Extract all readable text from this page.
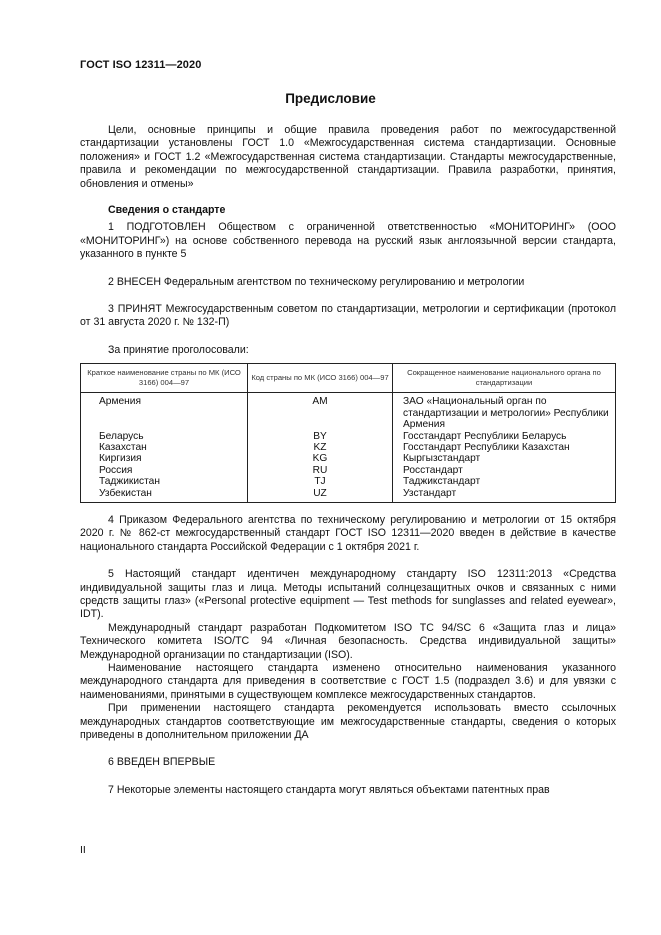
ГОСТ ISO 12311—2020
Предисловие

Цели, основные принципы и общие правила проведения работ по межгосударственной стандартизации установлены ГОСТ 1.0 «Межгосударственная система стандартизации. Основные положения» и ГОСТ 1.2 «Межгосударственная система стандартизации. Стандарты межгосударственные, правила и рекомендации по межгосударственной стандартизации. Правила разработки, принятия, обновления и отмены»

Сведения о стандарте

1 ПОДГОТОВЛЕН Обществом с ограниченной ответственностью «МОНИТОРИНГ» (ООО «МОНИТОРИНГ») на основе собственного перевода на русский язык англоязычной версии стандарта, указанного в пункте 5

2 ВНЕСЕН Федеральным агентством по техническому регулированию и метрологии

3 ПРИНЯТ Межгосударственным советом по стандартизации, метрологии и сертификации (протокол от 31 августа 2020 г. № 132-П)

За принятие проголосовали:

Краткое наименование страны по МК (ИСО 3166) 004—97	Код страны по МК (ИСО 3166) 004—97	Сокращенное наименование национального органа по стандартизации
Армения	AM	ЗАО «Национальный орган по стандартизации и метрологии» Республики Армения
Беларусь	BY	Госстандарт Республики Беларусь
Казахстан	KZ	Госстандарт Республики Казахстан
Киргизия	KG	Кыргызстандарт
Россия	RU	Росстандарт
Таджикистан	TJ	Таджикстандарт
Узбекистан	UZ	Узстандарт

4 Приказом Федерального агентства по техническому регулированию и метрологии от 15 октября 2020 г. № 862-ст межгосударственный стандарт ГОСТ ISO 12311—2020 введен в действие в качестве национального стандарта Российской Федерации с 1 октября 2021 г.

5 Настоящий стандарт идентичен международному стандарту ISO 12311:2013 «Средства индивидуальной защиты глаз и лица. Методы испытаний солнцезащитных очков и связанных с ними средств защиты глаз» («Personal protective equipment — Test methods for sunglasses and related eyewear», IDT).

Международный стандарт разработан Подкомитетом ISO TC 94/SC 6 «Защита глаз и лица» Технического комитета ISO/TC 94 «Личная безопасность. Средства индивидуальной защиты» Международной организации по стандартизации (ISO).

Наименование настоящего стандарта изменено относительно наименования указанного международного стандарта для приведения в соответствие с ГОСТ 1.5 (подраздел 3.6) и для увязки с наименованиями, принятыми в существующем комплексе межгосударственных стандартов.

При применении настоящего стандарта рекомендуется использовать вместо ссылочных международных стандартов соответствующие им межгосударственные стандарты, сведения о которых приведены в дополнительном приложении ДА

6 ВВЕДЕН ВПЕРВЫЕ

7 Некоторые элементы настоящего стандарта могут являться объектами патентных прав

II
